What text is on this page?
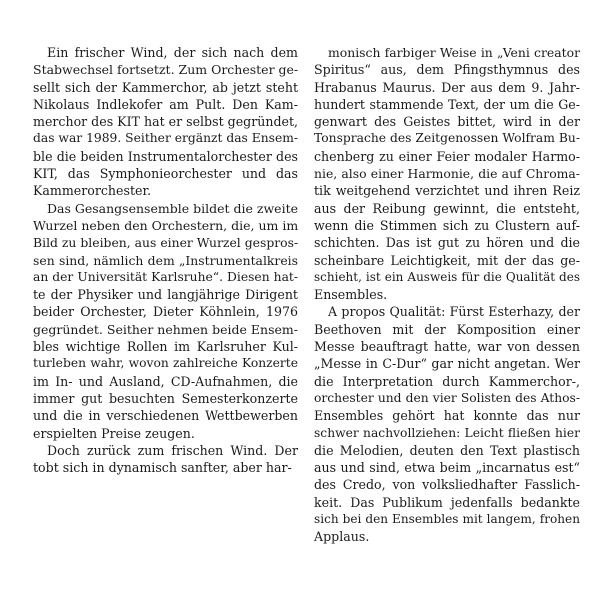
Ein frischer Wind, der sich nach dem
Stabwechsel fortsetzt. Zum Orchester ge-
sellt sich der Kammerchor, ab jetzt steht
Nikolaus Indlekofer am Pult. Den Kam-
merchor des KIT hat er selbst gegründet,
das war 1989. Seither ergänzt das Ensem-
ble die beiden Instrumentalorchester des
KIT, das Symphonieorchester und das
Kammerorchester.
Das Gesangsensemble bildet die zweite
Wurzel neben den Orchestern, die, um im
Bild zu bleiben, aus einer Wurzel gespros-
sen sind, nämlich dem „Instrumentalkreis
an der Universität Karlsruhe“. Diesen hat-
te der Physiker und langjährige Dirigent
beider Orchester, Dieter Köhnlein, 1976
gegründet. Seither nehmen beide Ensem-
bles wichtige Rollen im Karlsruher Kul-
turleben wahr, wovon zahlreiche Konzerte
im In- und Ausland, CD-Aufnahmen, die
immer gut besuchten Semesterkonzerte
und die in verschiedenen Wettbewerben
erspielten Preise zeugen.
Doch zurück zum frischen Wind. Der
tobt sich in dynamisch sanfter, aber har-
monisch farbiger Weise in „Veni creator
Spiritus“ aus, dem Pfingsthymnus des
Hrabanus Maurus. Der aus dem 9. Jahr-
hundert stammende Text, der um die Ge-
genwart des Geistes bittet, wird in der
Tonsprache des Zeitgenossen Wolfram Bu-
chenberg zu einer Feier modaler Harmo-
nie, also einer Harmonie, die auf Chroma-
tik weitgehend verzichtet und ihren Reiz
aus der Reibung gewinnt, die entsteht,
wenn die Stimmen sich zu Clustern auf-
schichten. Das ist gut zu hören und die
scheinbare Leichtigkeit, mit der das ge-
schieht, ist ein Ausweis für die Qualität des
Ensembles.
A propos Qualität: Fürst Esterhazy, der
Beethoven mit der Komposition einer
Messe beauftragt hatte, war von dessen
„Messe in C-Dur“ gar nicht angetan. Wer
die Interpretation durch Kammerchor-,
orchester und den vier Solisten des Athos-
Ensembles gehört hat konnte das nur
schwer nachvollziehen: Leicht fließen hier
die Melodien, deuten den Text plastisch
aus und sind, etwa beim „incarnatus est“
des Credo, von volksliedhafter Fasslich-
keit. Das Publikum jedenfalls bedankte
sich bei den Ensembles mit langem, frohen
Applaus.
